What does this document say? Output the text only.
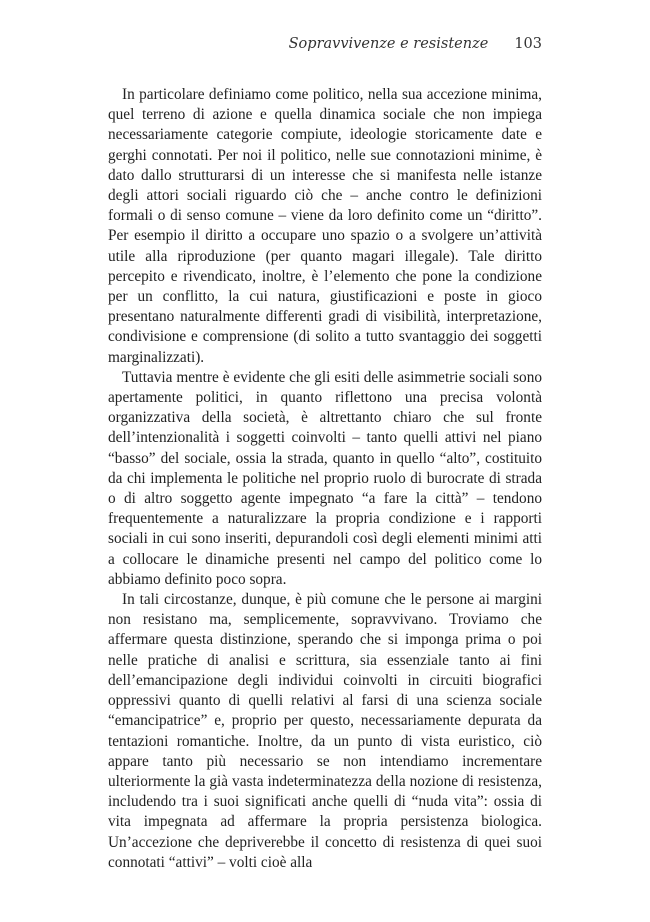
Sopravvivenze e resistenze 103

In particolare definiamo come politico, nella sua accezione minima, quel terreno di azione e quella dinamica sociale che non impiega necessariamente categorie compiute, ideologie storicamente date e gerghi connotati. Per noi il politico, nelle sue connotazioni minime, è dato dallo strutturarsi di un interesse che si manifesta nelle istanze degli attori sociali riguardo ciò che – anche contro le definizioni formali o di senso comune – viene da loro definito come un “diritto”. Per esempio il diritto a occupare uno spazio o a svolgere un’attività utile alla riproduzione (per quanto magari illegale). Tale diritto percepito e rivendicato, inoltre, è l’elemento che pone la condizione per un conflitto, la cui natura, giustificazioni e poste in gioco presentano naturalmente differenti gradi di visibilità, interpretazione, condivisione e comprensione (di solito a tutto svantaggio dei soggetti marginalizzati).

Tuttavia mentre è evidente che gli esiti delle asimmetrie sociali sono apertamente politici, in quanto riflettono una precisa volontà organizzativa della società, è altrettanto chiaro che sul fronte dell’intenzionalità i soggetti coinvolti – tanto quelli attivi nel piano “basso” del sociale, ossia la strada, quanto in quello “alto”, costituito da chi implementa le politiche nel proprio ruolo di burocrate di strada o di altro soggetto agente impegnato “a fare la città” – tendono frequentemente a naturalizzare la propria condizione e i rapporti sociali in cui sono inseriti, depurandoli così degli elementi minimi atti a collocare le dinamiche presenti nel campo del politico come lo abbiamo definito poco sopra.

In tali circostanze, dunque, è più comune che le persone ai margini non resistano ma, semplicemente, sopravvivano. Troviamo che affermare questa distinzione, sperando che si imponga prima o poi nelle pratiche di analisi e scrittura, sia essenziale tanto ai fini dell’emancipazione degli individui coinvolti in circuiti biografici oppressivi quanto di quelli relativi al farsi di una scienza sociale “emancipatrice” e, proprio per questo, necessariamente depurata da tentazioni romantiche. Inoltre, da un punto di vista euristico, ciò appare tanto più necessario se non intendiamo incrementare ulteriormente la già vasta indeterminatezza della nozione di resistenza, includendo tra i suoi significati anche quelli di “nuda vita”: ossia di vita impegnata ad affermare la propria persistenza biologica. Un’accezione che depriverebbe il concetto di resistenza di quei suoi connotati “attivi” – volti cioè alla
